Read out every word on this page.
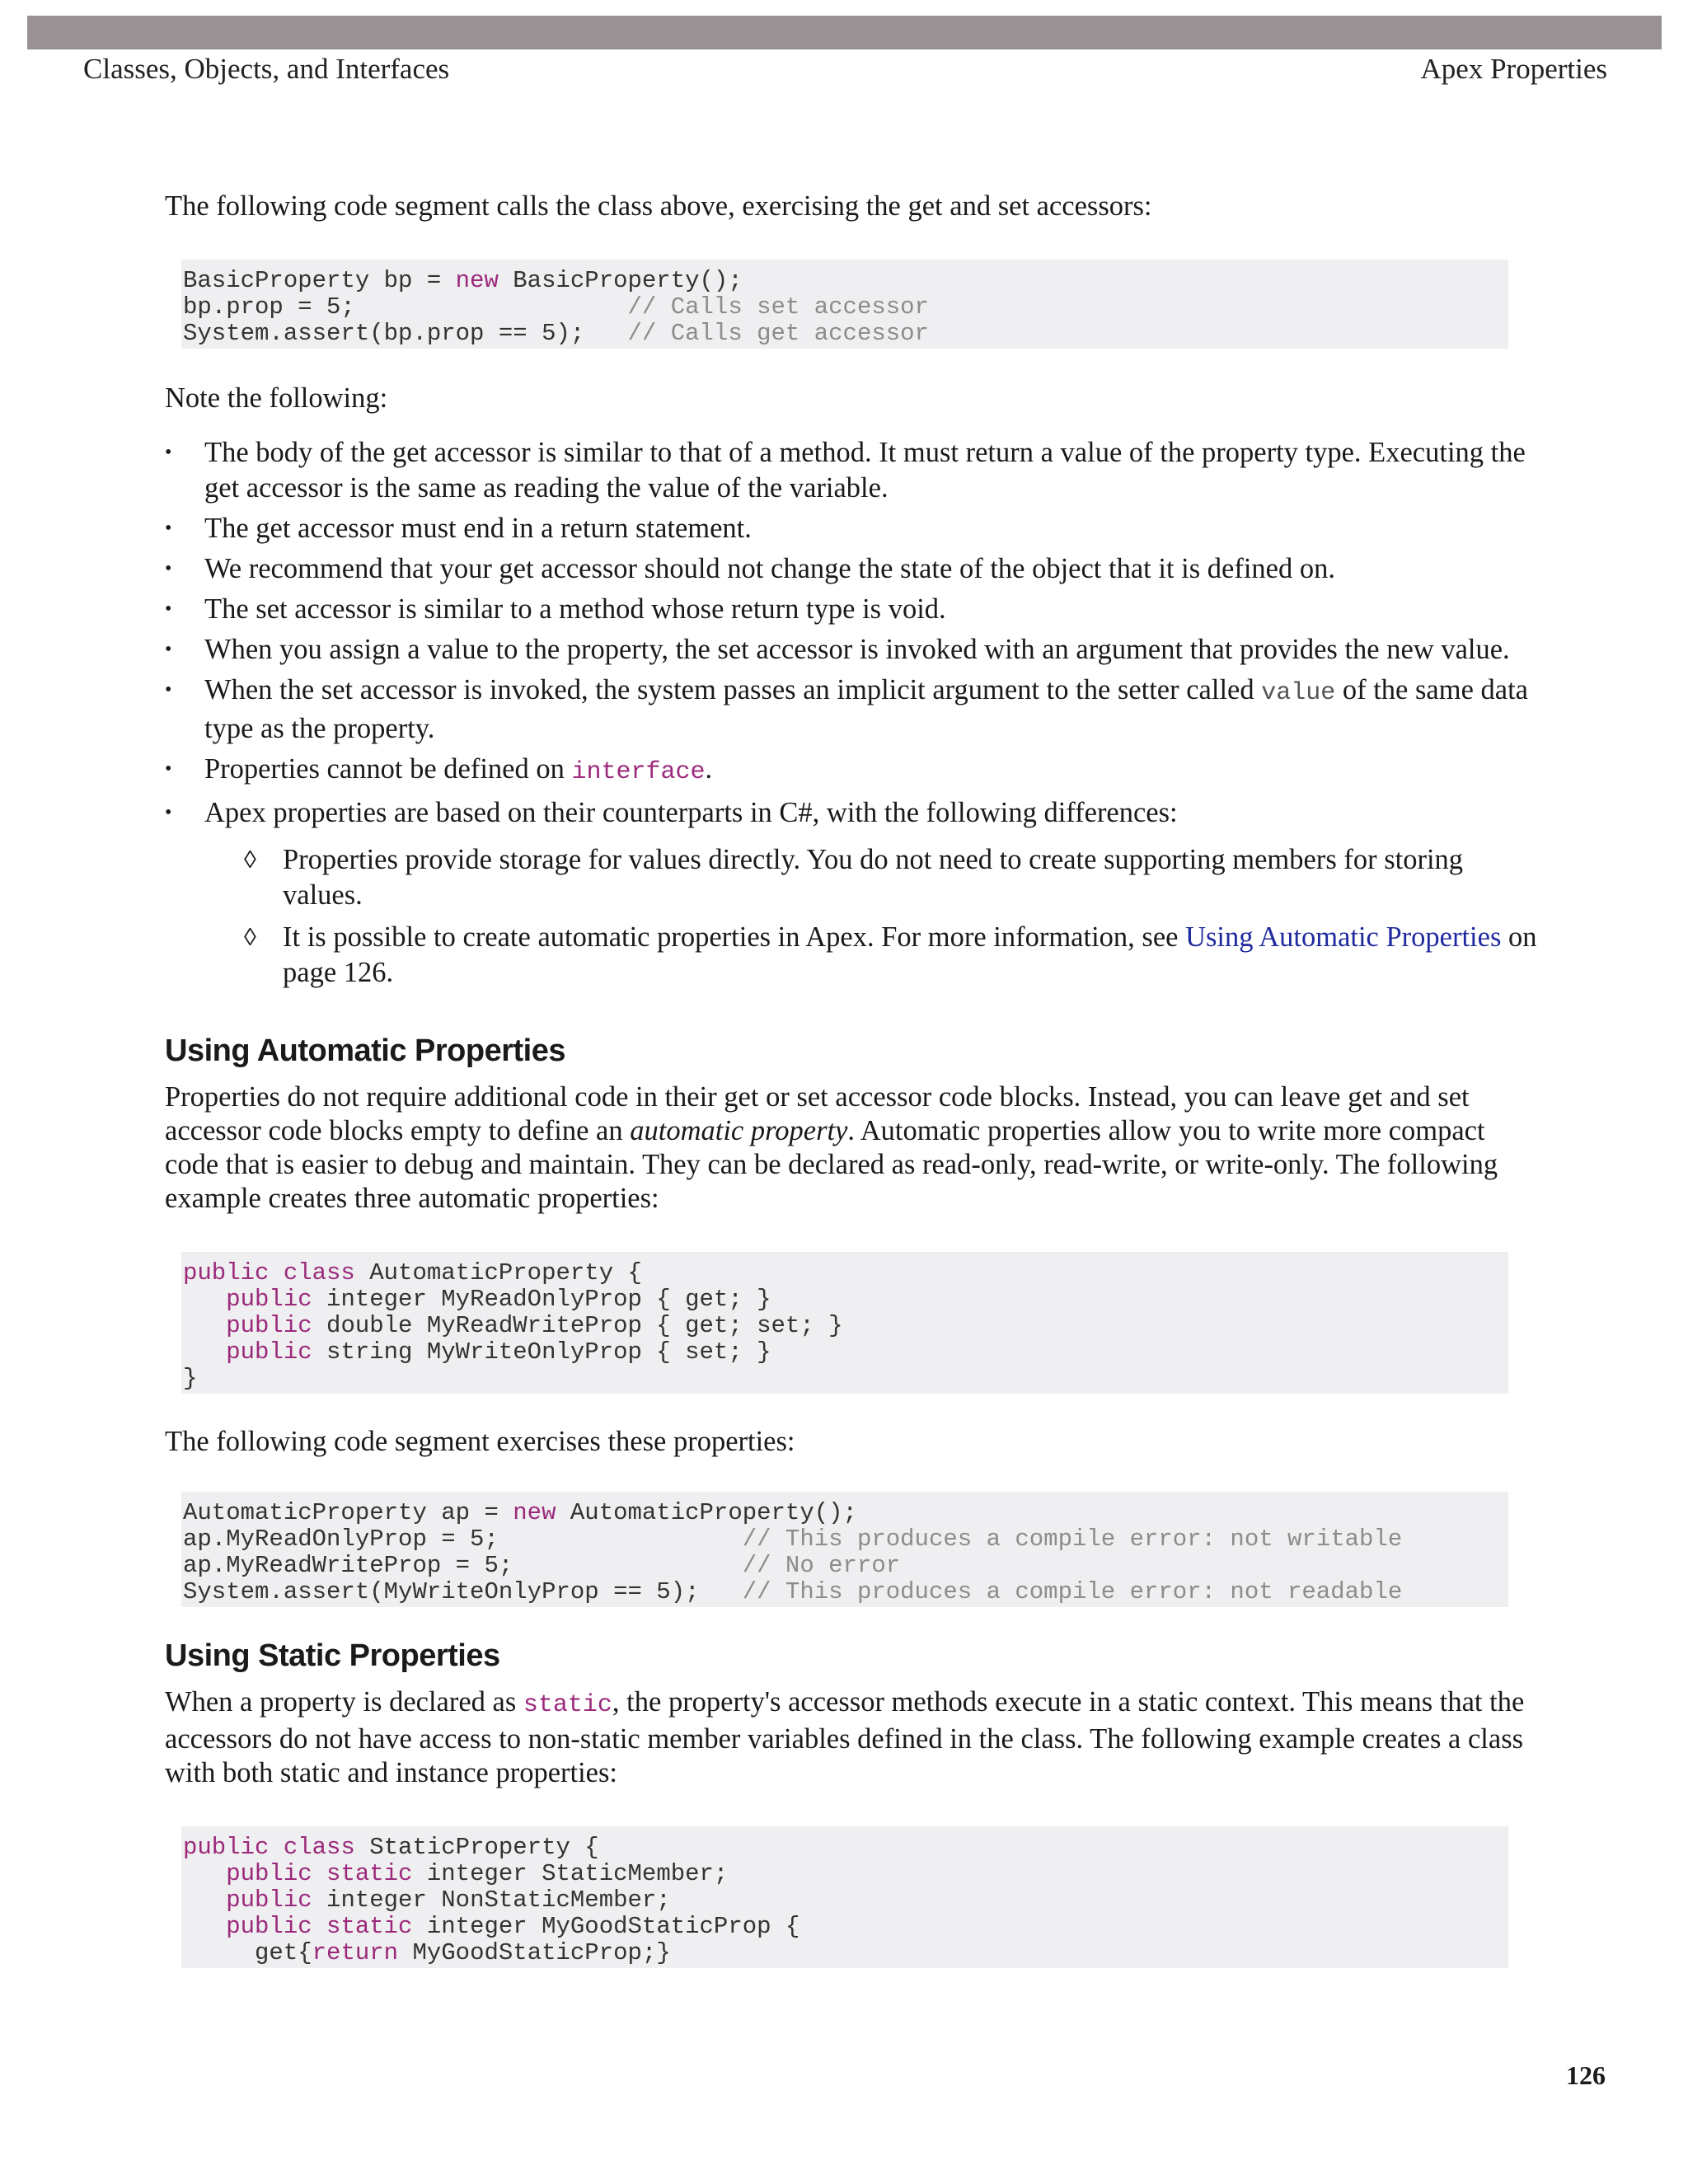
Classes, Objects, and Interfaces	Apex Properties

The following code segment calls the class above, exercising the get and set accessors:

BasicProperty bp = new BasicProperty();
bp.prop = 5;                   // Calls set accessor
System.assert(bp.prop == 5);   // Calls get accessor

Note the following:

• The body of the get accessor is similar to that of a method. It must return a value of the property type. Executing the get accessor is the same as reading the value of the variable.
• The get accessor must end in a return statement.
• We recommend that your get accessor should not change the state of the object that it is defined on.
• The set accessor is similar to a method whose return type is void.
• When you assign a value to the property, the set accessor is invoked with an argument that provides the new value.
• When the set accessor is invoked, the system passes an implicit argument to the setter called value of the same data type as the property.
• Properties cannot be defined on interface.
• Apex properties are based on their counterparts in C#, with the following differences:
◊ Properties provide storage for values directly. You do not need to create supporting members for storing values.
◊ It is possible to create automatic properties in Apex. For more information, see Using Automatic Properties on page 126.
Using Automatic Properties

Properties do not require additional code in their get or set accessor code blocks. Instead, you can leave get and set accessor code blocks empty to define an automatic property. Automatic properties allow you to write more compact code that is easier to debug and maintain. They can be declared as read-only, read-write, or write-only. The following example creates three automatic properties:

public class AutomaticProperty {
public integer MyReadOnlyProp { get; }
public double MyReadWriteProp { get; set; }
public string MyWriteOnlyProp { set; }
}

The following code segment exercises these properties:

AutomaticProperty ap = new AutomaticProperty();
ap.MyReadOnlyProp = 5;                 // This produces a compile error: not writable
ap.MyReadWriteProp = 5;                // No error
System.assert(MyWriteOnlyProp == 5);   // This produces a compile error: not readable
Using Static Properties

When a property is declared as static, the property's accessor methods execute in a static context. This means that the accessors do not have access to non-static member variables defined in the class. The following example creates a class with both static and instance properties:

public class StaticProperty {
public static integer StaticMember;
public integer NonStaticMember;
public static integer MyGoodStaticProp {
get{return MyGoodStaticProp;}
126
